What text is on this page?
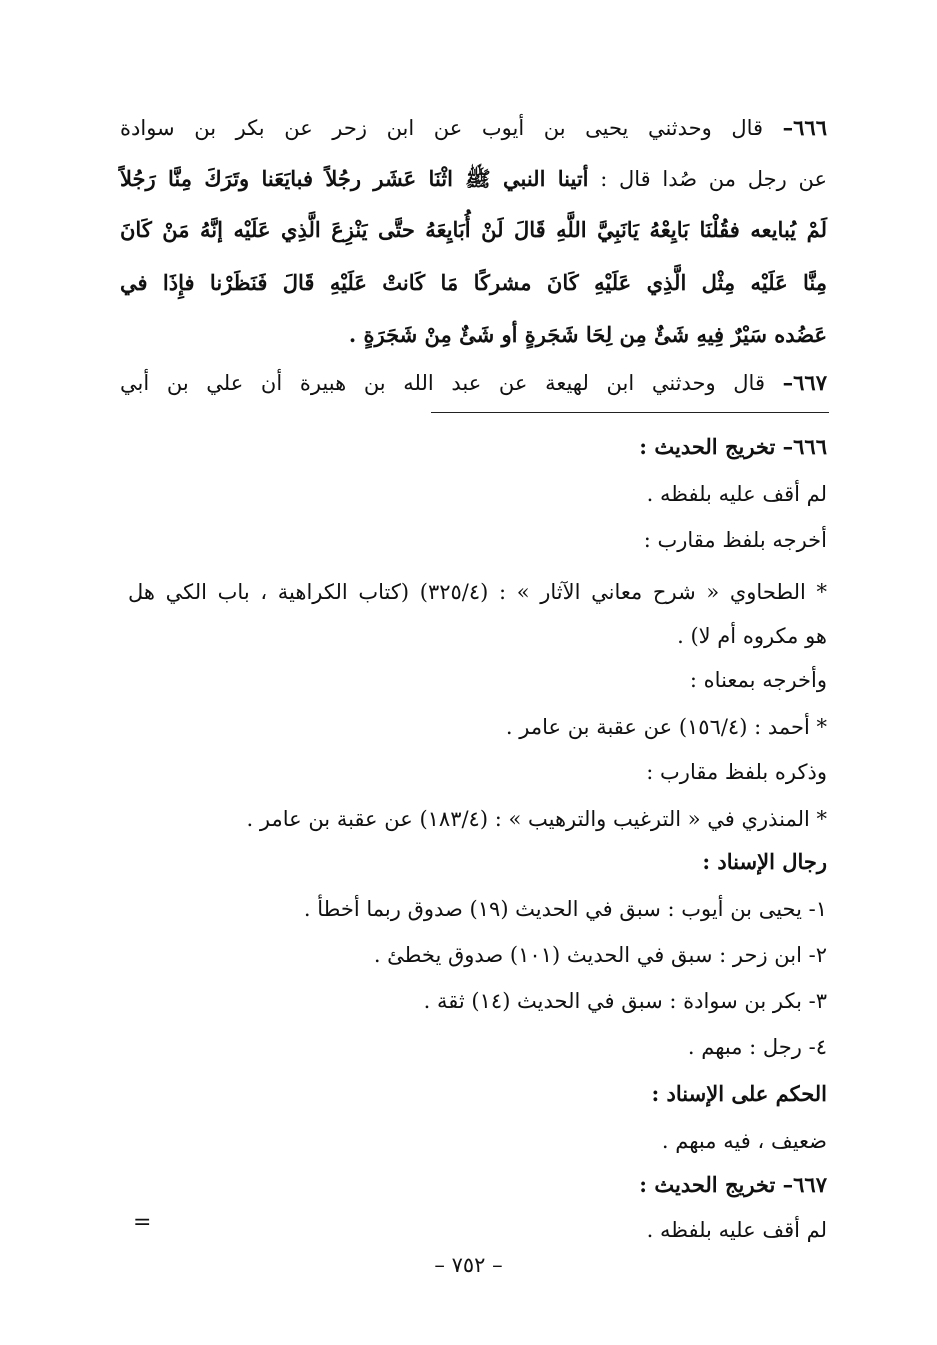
٦٦٦– قال وحدثني يحيى بن أيوب عن ابن زحر عن بكر بن سوادة
عن رجل من صُدا قال : أتينا النبي ﷺ اثْنَا عَشَر رجُلاً فبايَعَنا وتَرَكَ مِنَّا رَجُلاً
لَمْ يُبايعه فقُلْنَا بَايِعْهُ يَانَبِيَّ اللَّهِ قَالَ لَنْ أُبَايِعَهُ حتَّى يَنْزِعَ الَّذِي عَلَيْه إنَّهُ مَنْ كَانَ
مِنَّا عَلَيْه مِثْل الَّذِي عَلَيْهِ كَانَ مشركًا مَا كَانتْ عَلَيْهِ قَالَ فَنَظَرْنا فإِذَا في
عَضُده سَيْرٌ فِيهِ شَئٌ مِن لِحَا شَجَرةٍ أو شَئٌ مِنْ شَجَرَةٍ .
٦٦٧– قال وحدثني ابن لهيعة عن عبد الله بن هبيرة أن علي بن أبي
٦٦٦– تخريج الحديث :
لم أقف عليه بلفظه .
أخرجه بلفظ مقارب :
* الطحاوي « شرح معاني الآثار » : (٣٢٥/٤) (كتاب الكراهية ، باب الكي هل
هو مكروه أم لا) .
وأخرجه بمعناه :
* أحمد : (١٥٦/٤) عن عقبة بن عامر .
وذكره بلفظ مقارب :
* المنذري في « الترغيب والترهيب » : (١٨٣/٤) عن عقبة بن عامر .
رجال الإسناد :
١- يحيى بن أيوب : سبق في الحديث (١٩) صدوق ربما أخطأ .
٢- ابن زحر : سبق في الحديث (١٠١) صدوق يخطئ .
٣- بكر بن سوادة : سبق في الحديث (١٤) ثقة .
٤- رجل : مبهم .
الحكم على الإسناد :
ضعيف ، فيه مبهم .
٦٦٧– تخريج الحديث :
لم أقف عليه بلفظه .
=
– ٧٥٢ –
